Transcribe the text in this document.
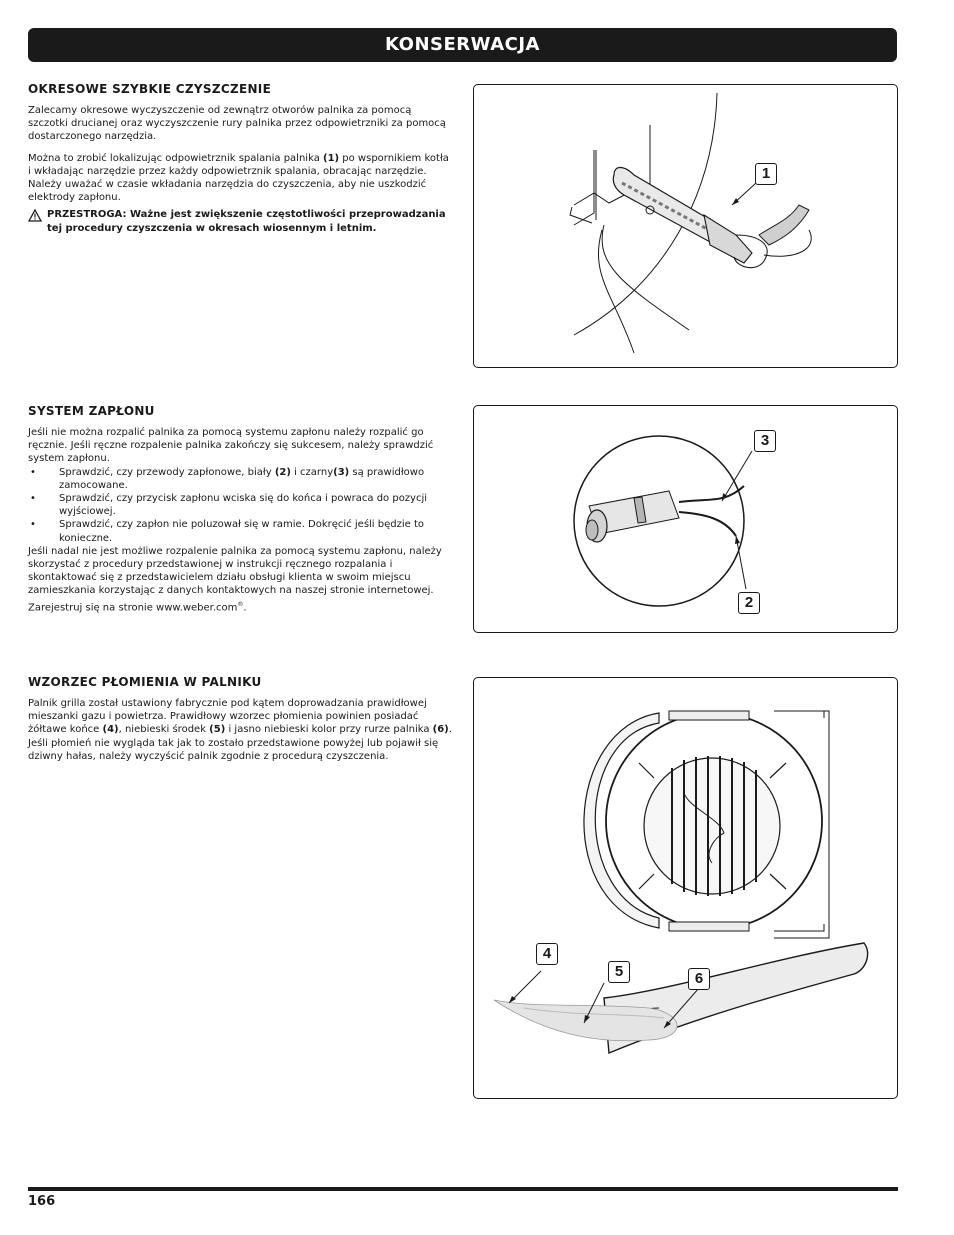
KONSERWACJA
OKRESOWE SZYBKIE CZYSZCZENIE

Zalecamy okresowe wyczyszczenie od zewnątrz otworów palnika za pomocą szczotki drucianej oraz wyczyszczenie rury palnika przez odpowietrzniki za pomocą dostarczonego narzędzia.

Można to zrobić lokalizując odpowietrznik spalania palnika (1) po wspornikiem kotła i wkładając narzędzie przez każdy odpowietrznik spalania, obracając narzędzie. Należy uważać w czasie wkładania narzędzia do czyszczenia, aby nie uszkodzić elektrody zapłonu.

PRZESTROGA: Ważne jest zwiększenie częstotliwości przeprowadzania tej procedury czyszczenia w okresach wiosennym i letnim.

1
SYSTEM ZAPŁONU

Jeśli nie można rozpalić palnika za pomocą systemu zapłonu należy rozpalić go ręcznie. Jeśli ręczne rozpalenie palnika zakończy się sukcesem, należy sprawdzić system zapłonu.

• Sprawdzić, czy przewody zapłonowe, biały (2) i czarny(3) są prawidłowo zamocowane.
• Sprawdzić, czy przycisk zapłonu wciska się do końca i powraca do pozycji wyjściowej.
• Sprawdzić, czy zapłon nie poluzował się w ramie. Dokręcić jeśli będzie to konieczne.

Jeśli nadal nie jest możliwe rozpalenie palnika za pomocą systemu zapłonu, należy skorzystać z procedury przedstawionej w instrukcji ręcznego rozpalania i skontaktować się z przedstawicielem działu obsługi klienta w swoim miejscu zamieszkania korzystając z danych kontaktowych na naszej stronie internetowej. Zarejestruj się na stronie www.weber.com®.

3
2
WZORZEC PŁOMIENIA W PALNIKU

Palnik grilla został ustawiony fabrycznie pod kątem doprowadzania prawidłowej mieszanki gazu i powietrza. Prawidłowy wzorzec płomienia powinien posiadać żółtawe końce (4), niebieski środek (5) i jasno niebieski kolor przy rurze palnika (6). Jeśli płomień nie wygląda tak jak to zostało przedstawione powyżej lub pojawił się dziwny hałas, należy wyczyścić palnik zgodnie z procedurą czyszczenia.

4
5	6
166
